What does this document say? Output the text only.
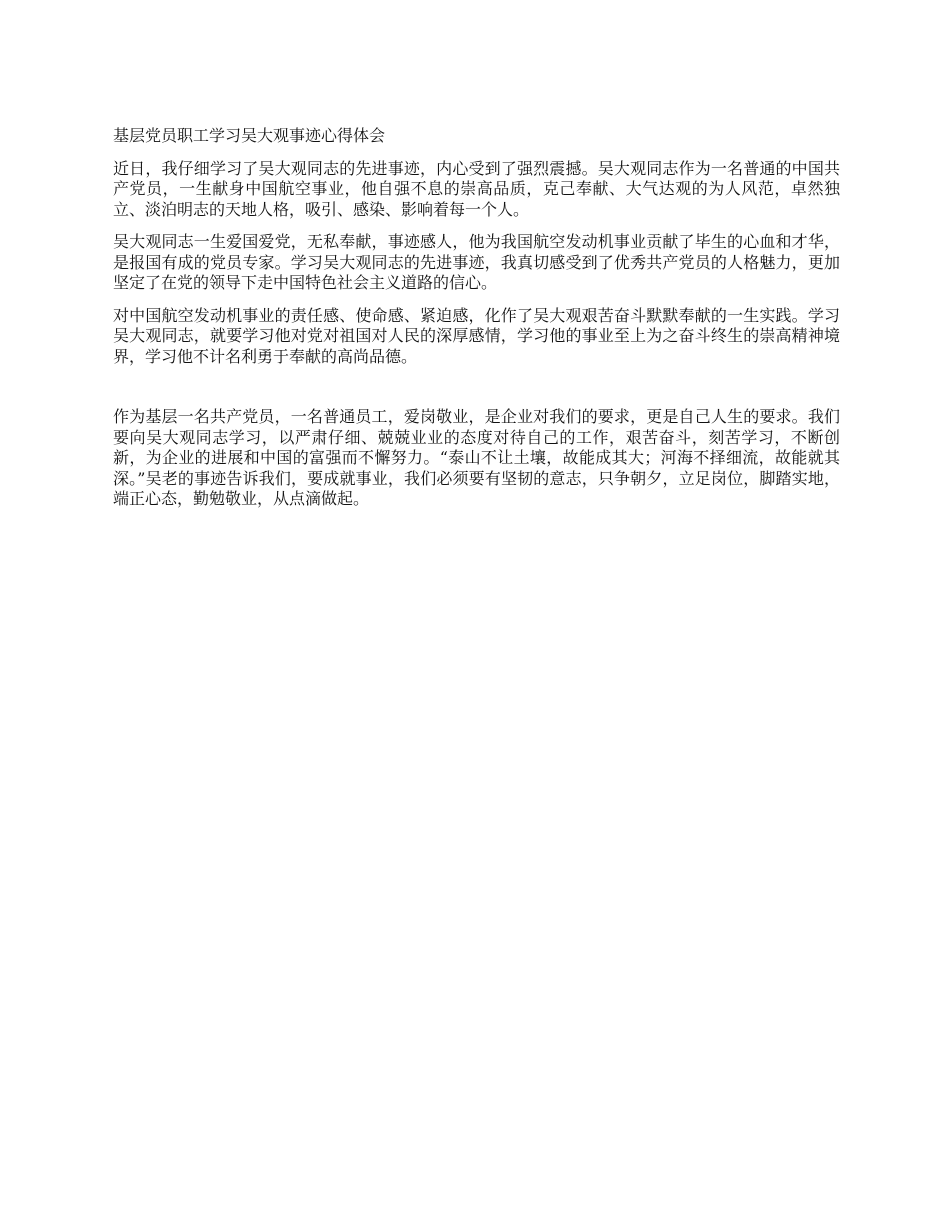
基层党员职工学习吴大观事迹心得体会

近日，我仔细学习了吴大观同志的先进事迹，内心受到了强烈震撼。吴大观同志作为一名普通的中国共产党员，一生献身中国航空事业，他自强不息的崇高品质，克己奉献、大气达观的为人风范，卓然独立、淡泊明志的天地人格，吸引、感染、影响着每一个人。

吴大观同志一生爱国爱党，无私奉献，事迹感人，他为我国航空发动机事业贡献了毕生的心血和才华，是报国有成的党员专家。学习吴大观同志的先进事迹，我真切感受到了优秀共产党员的人格魅力，更加坚定了在党的领导下走中国特色社会主义道路的信心。

对中国航空发动机事业的责任感、使命感、紧迫感，化作了吴大观艰苦奋斗默默奉献的一生实践。学习吴大观同志，就要学习他对党对祖国对人民的深厚感情，学习他的事业至上为之奋斗终生的崇高精神境界，学习他不计名利勇于奉献的高尚品德。

作为基层一名共产党员，一名普通员工，爱岗敬业，是企业对我们的要求，更是自己人生的要求。我们要向吴大观同志学习，以严肃仔细、兢兢业业的态度对待自己的工作，艰苦奋斗，刻苦学习，不断创新，为企业的进展和中国的富强而不懈努力。“泰山不让土壤，故能成其大；河海不择细流，故能就其深。”吴老的事迹告诉我们，要成就事业，我们必须要有坚韧的意志，只争朝夕，立足岗位，脚踏实地，端正心态，勤勉敬业，从点滴做起。
